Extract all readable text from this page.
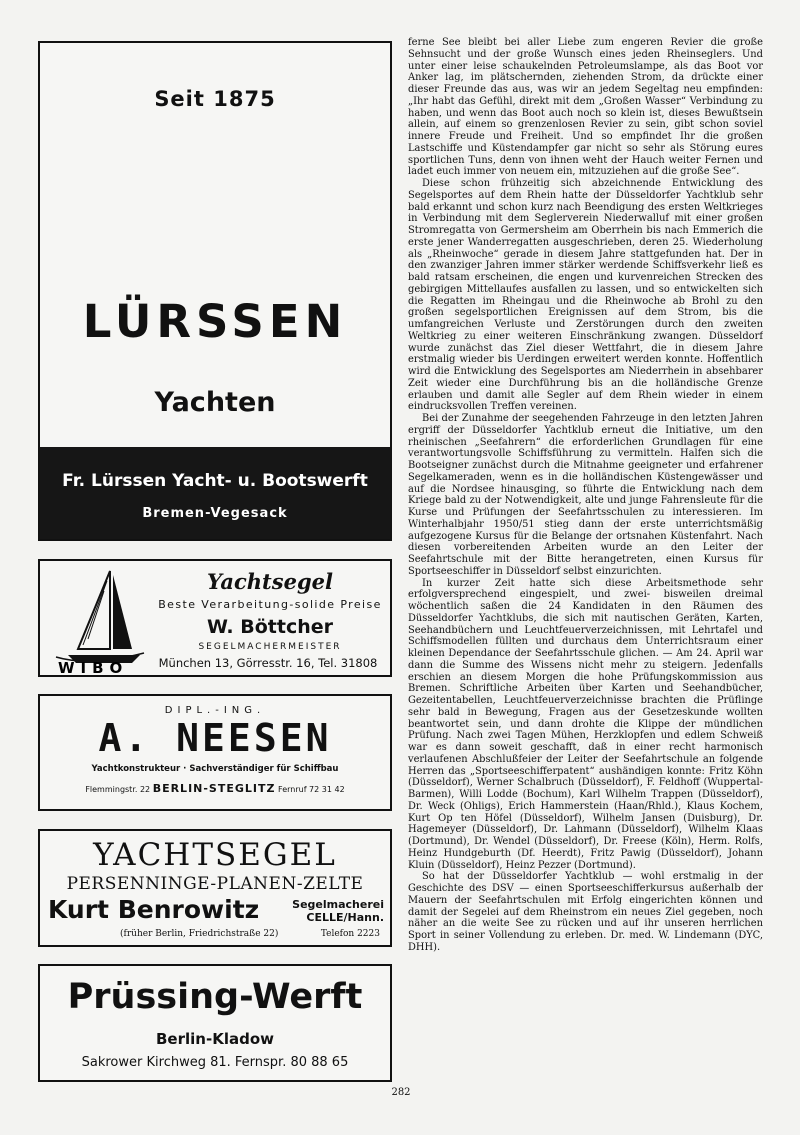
Seit 1875
LÜRSSEN
Yachten
Fr. Lürssen Yacht- u. Bootswerft
Bremen-Vegesack
WIBO
Yachtsegel
Beste Verarbeitung-solide Preise
W. Böttcher
SEGELMACHERMEISTER
München 13, Görresstr. 16, Tel. 31808
DIPL.-ING.
A. NEESEN
Yachtkonstrukteur · Sachverständiger für Schiffbau
Flemmingstr. 22 BERLIN-STEGLITZ Fernruf 72 31 42
YACHTSEGEL
PERSENNINGE-PLANEN-ZELTE
Kurt Benrowitz	Segelmacherei
CELLE/Hann.
(früher Berlin, Friedrichstraße 22)	Telefon 2223
Prüssing-Werft
Berlin-Kladow
Sakrower Kirchweg 81. Fernspr. 80 88 65

ferne See bleibt bei aller Liebe zum engeren Revier die große Sehnsucht und der große Wunsch eines jeden Rheinseglers. Und unter einer leise schaukelnden Petroleumslampe, als das Boot vor Anker lag, im plätschernden, ziehenden Strom, da drückte einer dieser Freunde das aus, was wir an jedem Segeltag neu empfinden: „Ihr habt das Gefühl, direkt mit dem „Großen Wasser“ Verbindung zu haben, und wenn das Boot auch noch so klein ist, dieses Bewußtsein allein, auf einem so grenzenlosen Revier zu sein, gibt schon soviel innere Freude und Freiheit. Und so empfindet Ihr die großen Lastschiffe und Küstendampfer gar nicht so sehr als Störung eures sportlichen Tuns, denn von ihnen weht der Hauch weiter Fernen und ladet euch immer von neuem ein, mitzuziehen auf die große See“.

Diese schon frühzeitig sich abzeichnende Entwicklung des Segelsportes auf dem Rhein hatte der Düsseldorfer Yachtklub sehr bald erkannt und schon kurz nach Beendigung des ersten Weltkrieges in Verbindung mit dem Seglerverein Niederwalluf mit einer großen Stromregatta von Germersheim am Oberrhein bis nach Emmerich die erste jener Wanderregatten ausgeschrieben, deren 25. Wiederholung als „Rheinwoche“ gerade in diesem Jahre stattgefunden hat. Der in den zwanziger Jahren immer stärker werdende Schiffsverkehr ließ es bald ratsam erscheinen, die engen und kurvenreichen Strecken des gebirgigen Mittellaufes ausfallen zu lassen, und so entwickelten sich die Regatten im Rheingau und die Rheinwoche ab Brohl zu den großen segelsportlichen Ereignissen auf dem Strom, bis die umfangreichen Verluste und Zerstörungen durch den zweiten Weltkrieg zu einer weiteren Einschränkung zwangen. Düsseldorf wurde zunächst das Ziel dieser Wettfahrt, die in diesem Jahre erstmalig wieder bis Uerdingen erweitert werden konnte. Hoffentlich wird die Entwicklung des Segelsportes am Niederrhein in absehbarer Zeit wieder eine Durchführung bis an die holländische Grenze erlauben und damit alle Segler auf dem Rhein wieder in einem eindrucksvollen Treffen vereinen.

Bei der Zunahme der seegehenden Fahrzeuge in den letzten Jahren ergriff der Düsseldorfer Yachtklub erneut die Initiative, um den rheinischen „Seefahrern“ die erforderlichen Grundlagen für eine verantwortungsvolle Schiffsführung zu vermitteln. Halfen sich die Bootseigner zunächst durch die Mitnahme geeigneter und erfahrener Segelkameraden, wenn es in die holländischen Küstengewässer und auf die Nordsee hinausging, so führte die Entwicklung nach dem Kriege bald zu der Notwendigkeit, alte und junge Fahrensleute für die Kurse und Prüfungen der Seefahrtsschulen zu interessieren. Im Winterhalbjahr 1950/51 stieg dann der erste unterrichtsmäßig aufgezogene Kursus für die Belange der ortsnahen Küstenfahrt. Nach diesen vorbereitenden Arbeiten wurde an den Leiter der Seefahrtschule mit der Bitte herangetreten, einen Kursus für Sportseeschiffer in Düsseldorf selbst einzurichten.

In kurzer Zeit hatte sich diese Arbeitsmethode sehr erfolgversprechend eingespielt, und zwei- bisweilen dreimal wöchentlich saßen die 24 Kandidaten in den Räumen des Düsseldorfer Yachtklubs, die sich mit nautischen Geräten, Karten, Seehandbüchern und Leuchtfeuerverzeichnissen, mit Lehrtafel und Schiffsmodellen füllten und durchaus dem Unterrichtsraum einer kleinen Dependance der Seefahrtsschule glichen. — Am 24. April war dann die Summe des Wissens nicht mehr zu steigern. Jedenfalls erschien an diesem Morgen die hohe Prüfungskommission aus Bremen. Schriftliche Arbeiten über Karten und Seehandbücher, Gezeitentabellen, Leuchtfeuerverzeichnisse brachten die Prüflinge sehr bald in Bewegung, Fragen aus der Gesetzeskunde wollten beantwortet sein, und dann drohte die Klippe der mündlichen Prüfung. Nach zwei Tagen Mühen, Herzklopfen und edlem Schweiß war es dann soweit geschafft, daß in einer recht harmonisch verlaufenen Abschlußfeier der Leiter der Seefahrtschule an folgende Herren das „Sportseeschifferpatent“ aushändigen konnte: Fritz Köhn (Düsseldorf), Werner Schalbruch (Düsseldorf), F. Feldhoff (Wuppertal-Barmen), Willi Lodde (Bochum), Karl Wilhelm Trappen (Düsseldorf), Dr. Weck (Ohligs), Erich Hammerstein (Haan/Rhld.), Klaus Kochem, Kurt Op ten Höfel (Düsseldorf), Wilhelm Jansen (Duisburg), Dr. Hagemeyer (Düsseldorf), Dr. Lahmann (Düsseldorf), Wilhelm Klaas (Dortmund), Dr. Wendel (Düsseldorf), Dr. Freese (Köln), Herm. Rolfs, Heinz Hundgeburth (Df. Heerdt), Fritz Pawig (Düsseldorf), Johann Kluin (Düsseldorf), Heinz Pezzer (Dortmund).

So hat der Düsseldorfer Yachtklub — wohl erstmalig in der Geschichte des DSV — einen Sportseeschifferkursus außerhalb der Mauern der Seefahrtschulen mit Erfolg eingerichten können und damit der Segelei auf dem Rheinstrom ein neues Ziel gegeben, noch näher an die weite See zu rücken und auf ihr unseren herrlichen Sport in seiner Vollendung zu erleben. Dr. med. W. Lindemann (DYC, DHH).

282
